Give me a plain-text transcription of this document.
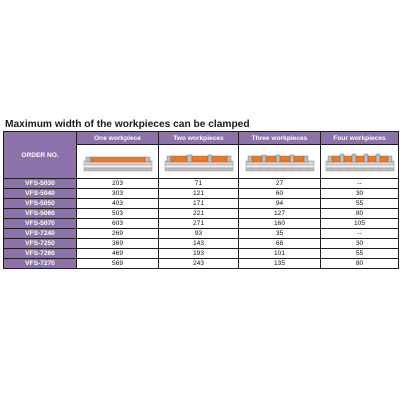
Maximum width of the workpieces can be clamped
ORDER NO.	One workpiece	Two workpieces	Three workpieces	Four workpieces

VFS-5030	203	71	27	--
VFS-5040	303	121	60	30
VFS-5050	403	171	94	55
VFS-5060	503	221	127	80
VFS-5070	603	271	160	105
VFS-7240	269	93	35	--
VFS-7250	369	143	68	30
VFS-7260	469	193	101	55
VFS-7270	569	243	135	80
